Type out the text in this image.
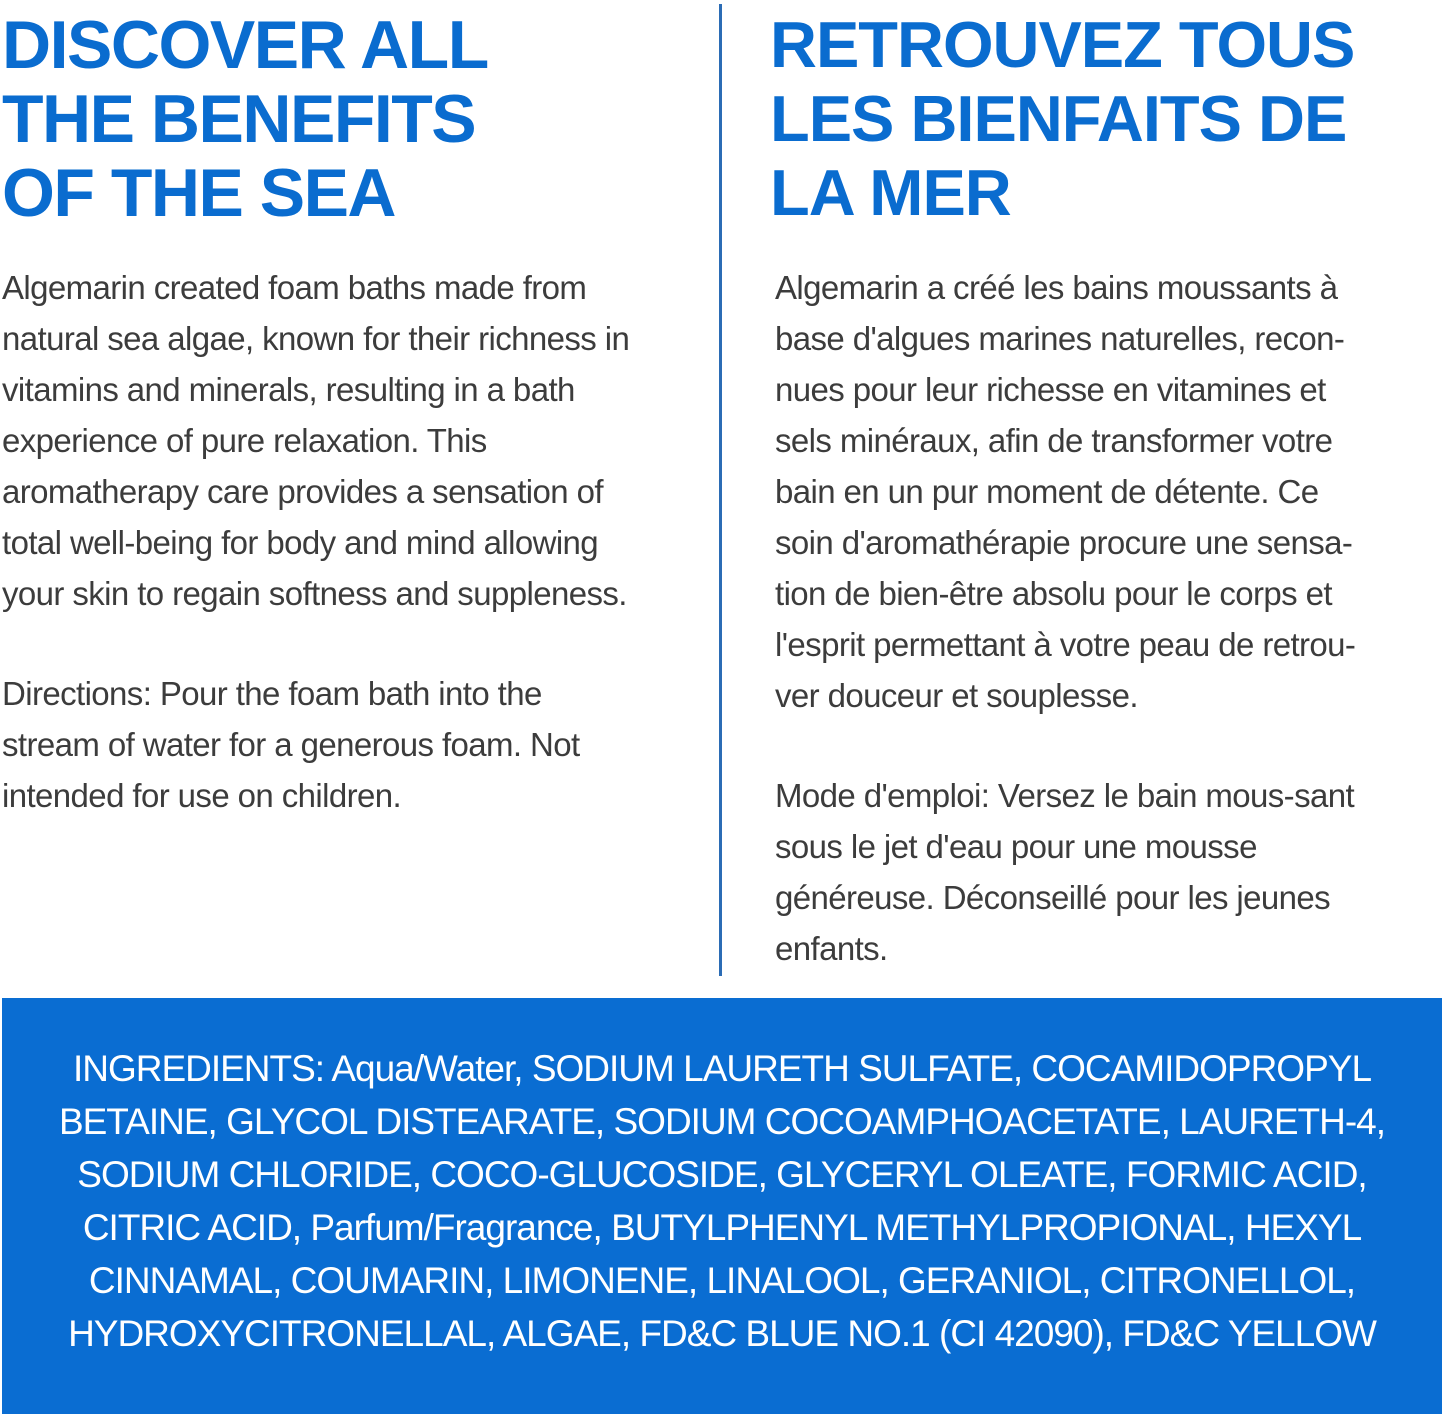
DISCOVER ALL
THE BENEFITS
OF THE SEA

Algemarin created foam baths made from
natural sea algae, known for their richness in
vitamins and minerals, resulting in a bath
experience of pure relaxation. This
aromatherapy care provides a sensation of
total well-being for body and mind allowing
your skin to regain softness and suppleness.

Directions: Pour the foam bath into the
stream of water for a generous foam. Not
intended for use on children.

RETROUVEZ TOUS
LES BIENFAITS DE
LA MER

Algemarin a créé les bains moussants à
base d'algues marines naturelles, recon-
nues pour leur richesse en vitamines et
sels minéraux, afin de transformer votre
bain en un pur moment de détente. Ce
soin d'aromathérapie procure une sensa-
tion de bien-être absolu pour le corps et
l'esprit permettant à votre peau de retrou-
ver douceur et souplesse.

Mode d'emploi: Versez le bain mous-sant
sous le jet d'eau pour une mousse
généreuse. Déconseillé pour les jeunes
enfants.

INGREDIENTS: Aqua/Water, SODIUM LAURETH SULFATE, COCAMIDOPROPYL
BETAINE, GLYCOL DISTEARATE, SODIUM COCOAMPHOACETATE, LAURETH-4,
SODIUM CHLORIDE, COCO-GLUCOSIDE, GLYCERYL OLEATE, FORMIC ACID,
CITRIC ACID, Parfum/Fragrance, BUTYLPHENYL METHYLPROPIONAL, HEXYL
CINNAMAL, COUMARIN, LIMONENE, LINALOOL, GERANIOL, CITRONELLOL,
HYDROXYCITRONELLAL, ALGAE, FD&C BLUE NO.1 (CI 42090), FD&C YELLOW
